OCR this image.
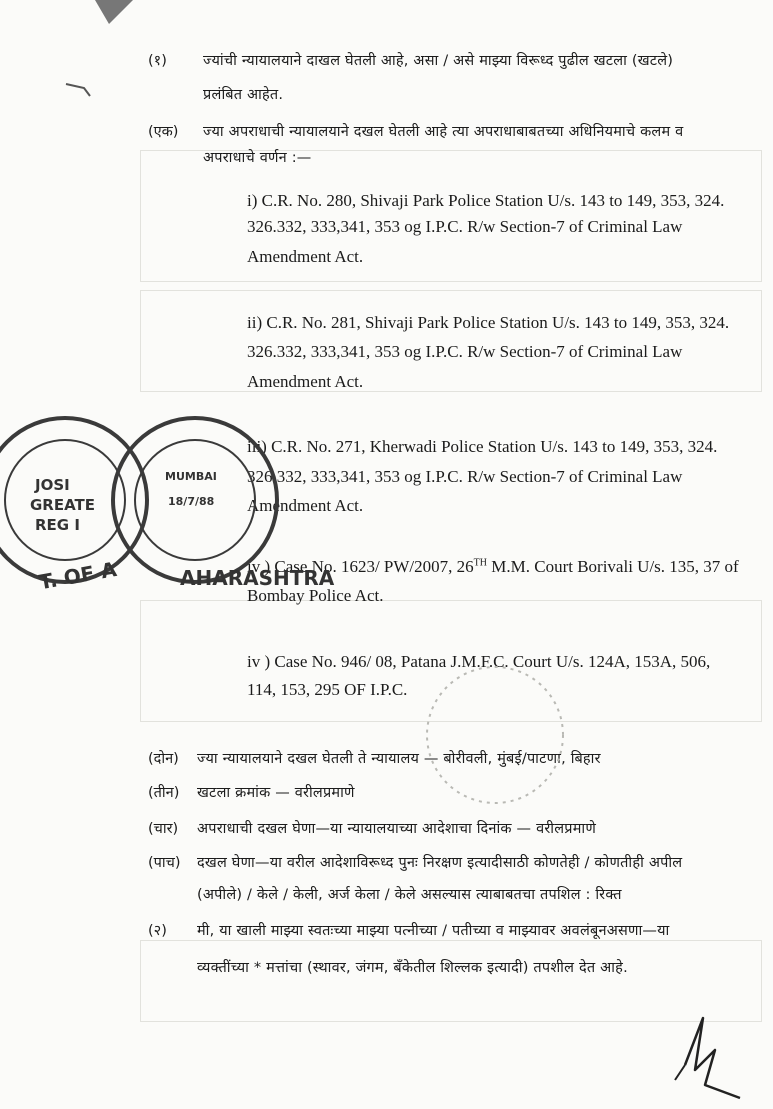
(१) ज्यांची न्यायालयाने दाखल घेतली आहे, असा / असे माझ्या विरूध्द पुढील खटला (खटले)
प्रलंबित आहेत.
(एक) ज्या अपराधाची न्यायालयाने दखल घेतली आहे त्या अपराधाबाबतच्या अधिनियमाचे कलम व
अपराधाचे वर्णन :—
i) C.R. No. 280, Shivaji Park Police Station U/s. 143 to 149, 353, 324.
326.332, 333,341, 353 og I.P.C. R/w Section-7 of Criminal Law
Amendment Act.
ii) C.R. No. 281, Shivaji Park Police Station U/s. 143 to 149, 353, 324.
326.332, 333,341, 353 og I.P.C. R/w Section-7 of Criminal Law
Amendment Act.
iii) C.R. No. 271, Kherwadi Police Station U/s. 143 to 149, 353, 324.
326.332, 333,341, 353 og I.P.C. R/w Section-7 of Criminal Law
Amendment Act.
iv ) Case No. 1623/ PW/2007, 26TH M.M. Court Borivali U/s. 135, 37 of
Bombay Police Act.
iv ) Case No. 946/ 08, Patana J.M.F.C. Court U/s. 124A, 153A, 506,
114, 153, 295 OF I.P.C.
(दोन) ज्या न्यायालयाने दखल घेतली ते न्यायालय — बोरीवली, मुंबई/पाटणा, बिहार
(तीन) खटला क्रमांक — वरीलप्रमाणे
(चार) अपराधाची दखल घेणा—या न्यायालयाच्या आदेशाचा दिनांक — वरीलप्रमाणे
(पाच) दखल घेणा—या वरील आदेशाविरूध्द पुनः निरक्षण इत्यादीसाठी कोणतेही / कोणतीही अपील
(अपीले) / केले / केली, अर्ज केला / केले असल्यास त्याबाबतचा तपशिल : रिक्त
(२) मी, या खाली माझ्या स्वतःच्या माझ्या पत्नीच्या / पतीच्या व माझ्यावर अवलंबूनअसणा—या
व्यक्तींच्या * मत्तांचा (स्थावर, जंगम, बँकेतील शिल्लक इत्यादी) तपशील देत आहे.
JOSI
GREATE
REG I
T. OF A
MUMBAI
18/7/88
AHARASHTRA
